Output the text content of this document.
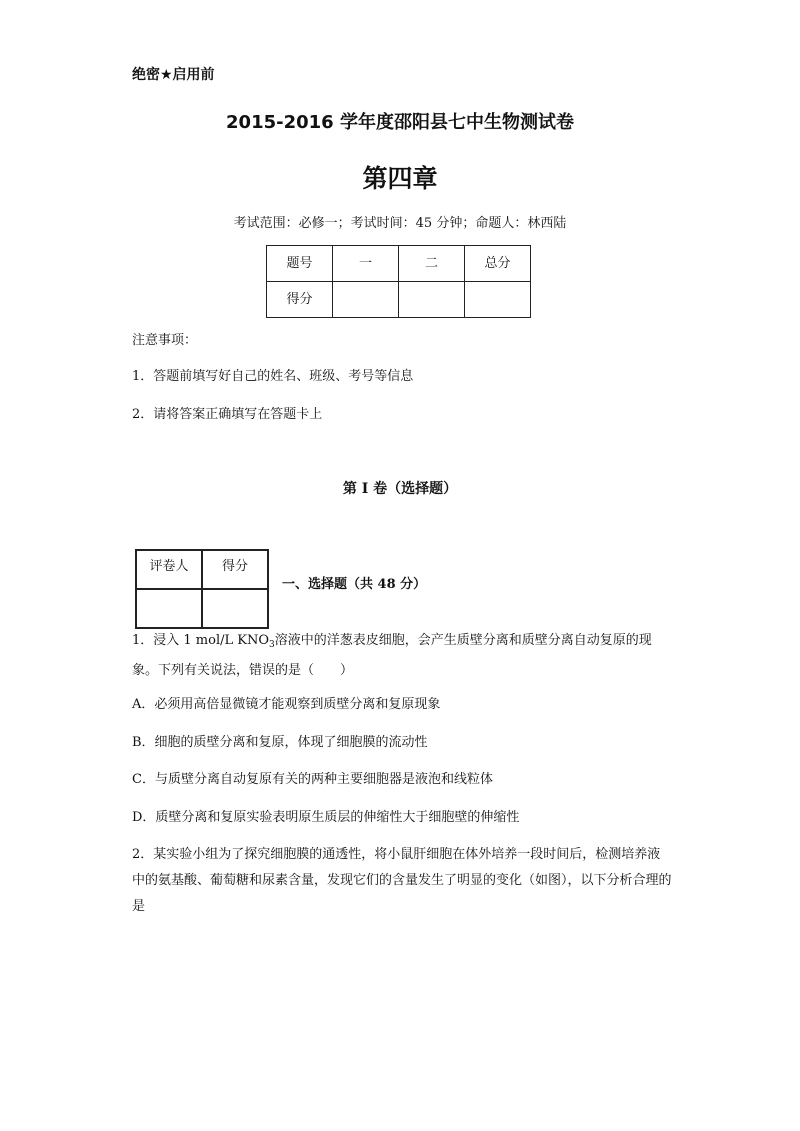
绝密★启用前
2015-2016 学年度邵阳县七中生物测试卷
第四章
考试范围：必修一；考试时间：45 分钟；命题人：林西陆
题号	一	二	总分
得分			
注意事项：
1．答题前填写好自己的姓名、班级、考号等信息
2．请将答案正确填写在答题卡上
第 I 卷（选择题）
评卷人	得分

一、选择题（共 48 分）
1．浸入 1 mol/L $KNO_3$溶液中的洋葱表皮细胞，会产生质壁分离和质壁分离自动复原的现象。下列有关说法，错误的是（　　）
A．必须用高倍显微镜才能观察到质壁分离和复原现象
B．细胞的质壁分离和复原，体现了细胞膜的流动性
C．与质壁分离自动复原有关的两种主要细胞器是液泡和线粒体
D．质壁分离和复原实验表明原生质层的伸缩性大于细胞壁的伸缩性
2．某实验小组为了探究细胞膜的通透性，将小鼠肝细胞在体外培养一段时间后，检测培养液中的氨基酸、葡萄糖和尿素含量，发现它们的含量发生了明显的变化（如图），以下分析合理的是
